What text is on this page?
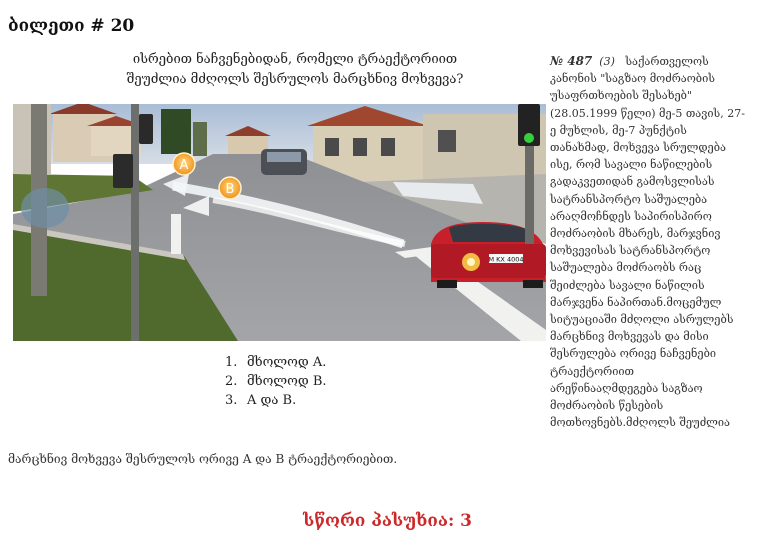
ბილეთი # 20
ისრებით ნაჩვენებიდან, რომელი ტრაექტორიით
შეუძლია მძღოლს შესრულოს მარცხნივ მოხვევა?
M KX 4004
A
B
1. მხოლოდ A.
2. მხოლოდ B.
3. A და B.
მარცხნივ მოხვევა შესრულოს ორივე A და B ტრაექტორიებით.
სწორი პასუხია: 3
№ 487 (3) საქართველოს
კანონის "საგზაო მოძრაობის
უსაფრთხოების შესახებ"
(28.05.1999 წელი) მე-5 თავის, 27-
ე მუხლის, მე-7 პუნქტის
თანახმად, მოხვევა სრულდება
ისე, რომ სავალი ნაწილების
გადაკვეთიდან გამოსვლისას
სატრანსპორტო საშუალება
არაღმოჩნდეს საპირისპირო
მოძრაობის მხარეს, მარჯვნივ
მოხვევისას სატრანსპორტო
საშუალება მოძრაობს რაც
შეიძლება სავალი ნაწილის
მარჯვენა ნაპირთან.მოცემულ
სიტუაციაში მძღოლი ასრულებს
მარცხნივ მოხვევას და მისი
შესრულება ორივე ნაჩვენები
ტრაექტორიით
არეწინააღმდეგება საგზაო
მოძრაობის წესების
მოთხოვნებს.მძღოლს შეუძლია
